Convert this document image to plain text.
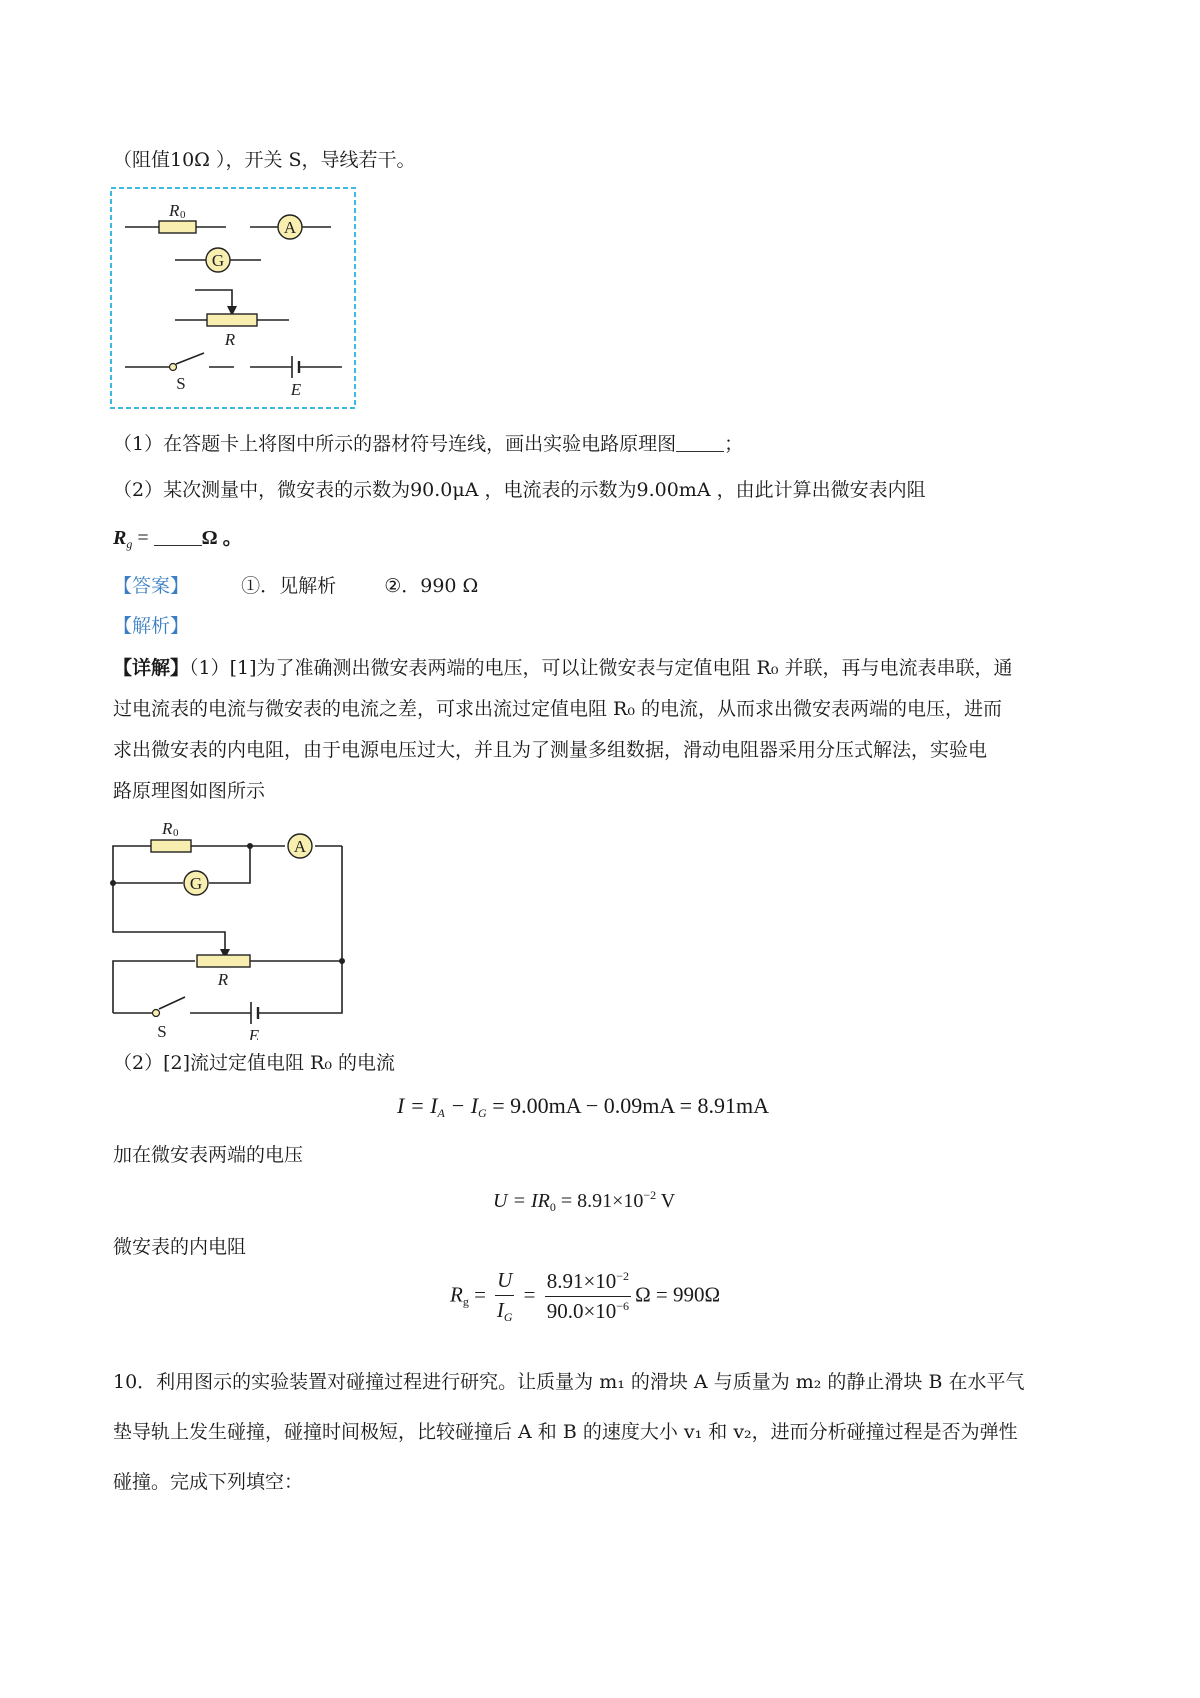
（阻值10Ω ），开关 S，导线若干。
R 0
A
G
R
S	E
（1）在答题卡上将图中所示的器材符号连线，画出实验电路原理图	；
（2）某次测量中，微安表的示数为90.0μA ，电流表的示数为9.00mA ，由此计算出微安表内阻
$R_g = \Omega$ 。
【答案】	①．见解析	②．990 Ω
【解析】
【详解】（1）[1]为了准确测出微安表两端的电压，可以让微安表与定值电阻 R₀ 并联，再与电流表串联，通
过电流表的电流与微安表的电流之差，可求出流过定值电阻 R₀ 的电流，从而求出微安表两端的电压，进而
求出微安表的内电阻，由于电源电压过大，并且为了测量多组数据，滑动电阻器采用分压式解法，实验电
路原理图如图所示
R 0
A
G
R
S	E
（2）[2]流过定值电阻 R₀ 的电流
$I = I_A - I_G = 9.00mA - 0.09mA = 8.91mA$
加在微安表两端的电压
$U = IR_0 = 8.91\times 10^{-2}$ V
微安表的内电阻
$R_g = \frac{U}{I_G} = \frac{8.91\times 10^{-2}}{90.0\times 10^{-6}}$ Ω = 990Ω
10．利用图示的实验装置对碰撞过程进行研究。让质量为 m₁ 的滑块 A 与质量为 m₂ 的静止滑块 B 在水平气
垫导轨上发生碰撞，碰撞时间极短，比较碰撞后 A 和 B 的速度大小 v₁ 和 v₂，进而分析碰撞过程是否为弹性
碰撞。完成下列填空：
